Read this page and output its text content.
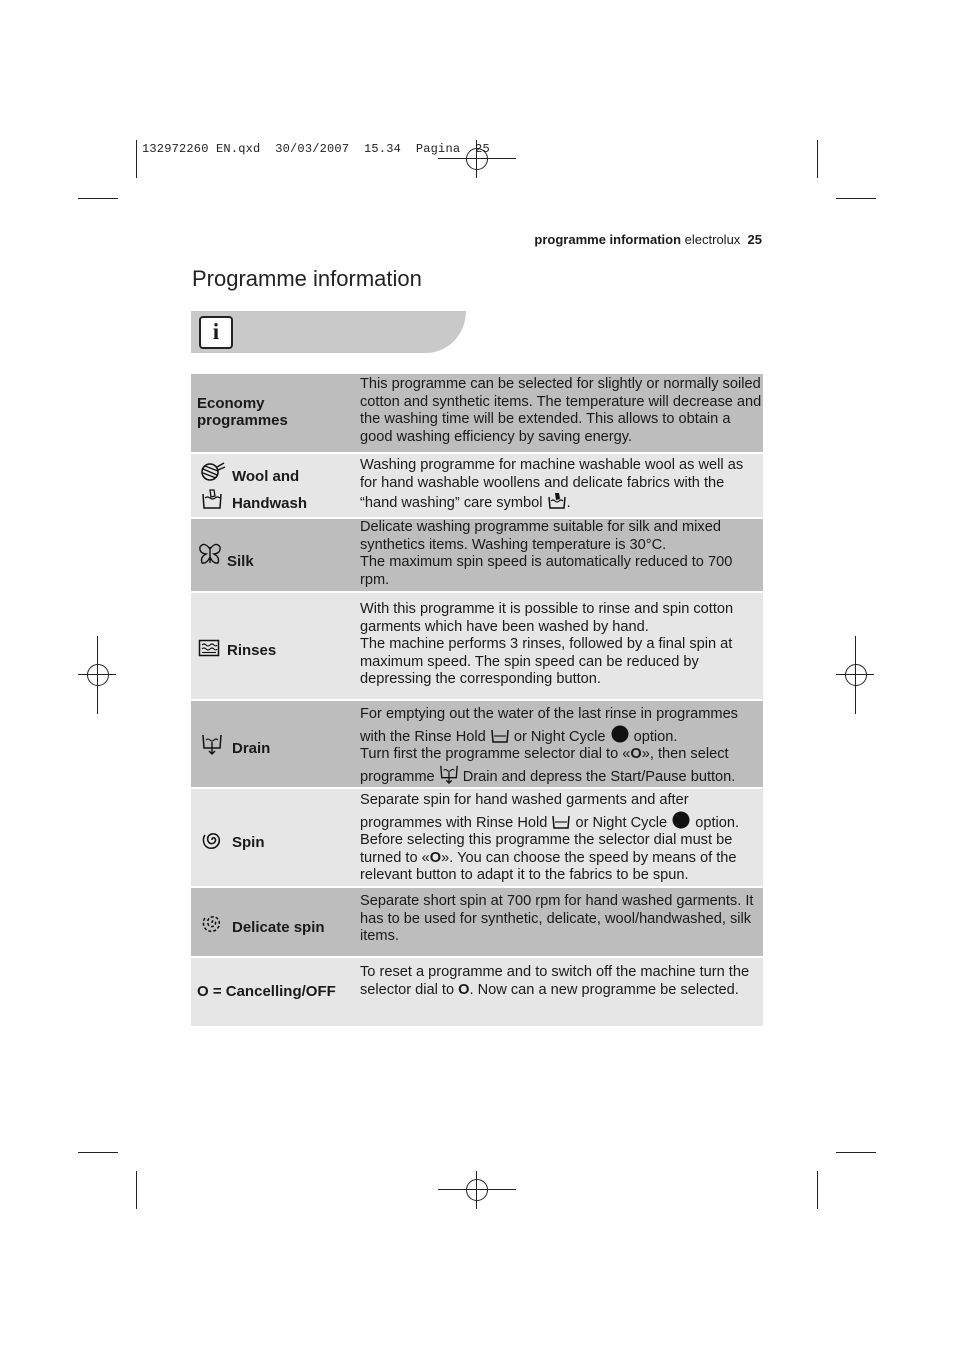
132972260 EN.qxd  30/03/2007  15.34  Pagina  25
programme information electrolux 25
Programme information
i
Economy
programmes
This programme can be selected for slightly or normally soiled cotton and synthetic items. The temperature will decrease and the washing time will be extended. This allows to obtain a good washing efficiency by saving energy.
Wool and
Handwash
Washing programme for machine washable wool as well as for hand washable woollens and delicate fabrics with the “hand washing” care symbol .
Silk
Delicate washing programme suitable for silk and mixed synthetics items. Washing temperature is 30°C.
The maximum spin speed is automatically reduced to 700 rpm.
Rinses
With this programme it is possible to rinse and spin cotton garments which have been washed by hand.
The machine performs 3 rinses, followed by a final spin at maximum speed. The spin speed can be reduced by depressing the corresponding button.
Drain
For emptying out the water of the last rinse in programmes with the Rinse Hold or Night Cycle option.
Turn first the programme selector dial to «O», then select programme Drain and depress the Start/Pause button.
Spin
Separate spin for hand washed garments and after programmes with Rinse Hold or Night Cycle option.
Before selecting this programme the selector dial must be turned to «O». You can choose the speed by means of the relevant button to adapt it to the fabrics to be spun.
Delicate spin
Separate short spin at 700 rpm for hand washed garments. It has to be used for synthetic, delicate, wool/handwashed, silk items.
O = Cancelling/OFF
To reset a programme and to switch off the machine turn the selector dial to O. Now can a new programme be selected.
